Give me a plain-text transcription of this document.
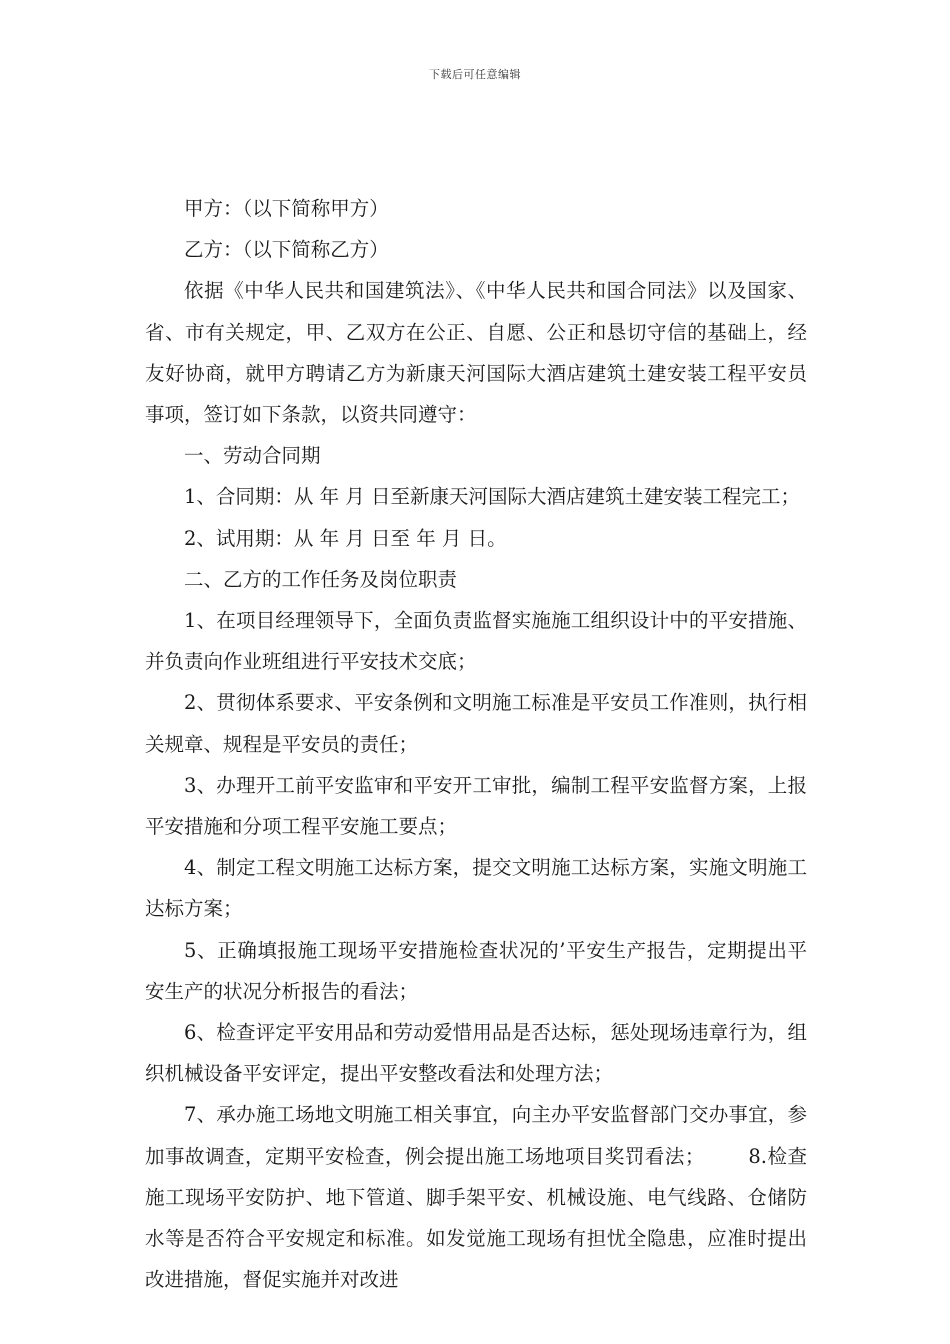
下载后可任意编辑

甲方：（以下简称甲方）

乙方：（以下简称乙方）

依据《中华人民共和国建筑法》、《中华人民共和国合同法》以及国家、省、市有关规定，甲、乙双方在公正、自愿、公正和恳切守信的基础上，经友好协商，就甲方聘请乙方为新康天河国际大酒店建筑土建安装工程平安员事项，签订如下条款，以资共同遵守：

一、劳动合同期

1、合同期：从 年 月 日至新康天河国际大酒店建筑土建安装工程完工；

2、试用期：从 年 月 日至 年 月 日。

二、乙方的工作任务及岗位职责

1、在项目经理领导下，全面负责监督实施施工组织设计中的平安措施、并负责向作业班组进行平安技术交底；

2、贯彻体系要求、平安条例和文明施工标准是平安员工作准则，执行相关规章、规程是平安员的责任；

3、办理开工前平安监审和平安开工审批，编制工程平安监督方案，上报平安措施和分项工程平安施工要点；

4、制定工程文明施工达标方案，提交文明施工达标方案，实施文明施工达标方案；

5、正确填报施工现场平安措施检查状况的’平安生产报告，定期提出平安生产的状况分析报告的看法；

6、检查评定平安用品和劳动爱惜用品是否达标，惩处现场违章行为，组织机械设备平安评定，提出平安整改看法和处理方法；

7、承办施工场地文明施工相关事宜，向主办平安监督部门交办事宜，参加事故调查，定期平安检查，例会提出施工场地项目奖罚看法； 8.检查施工现场平安防护、地下管道、脚手架平安、机械设施、电气线路、仓储防水等是否符合平安规定和标准。如发觉施工现场有担忧全隐患，应准时提出改进措施，督促实施并对改进
